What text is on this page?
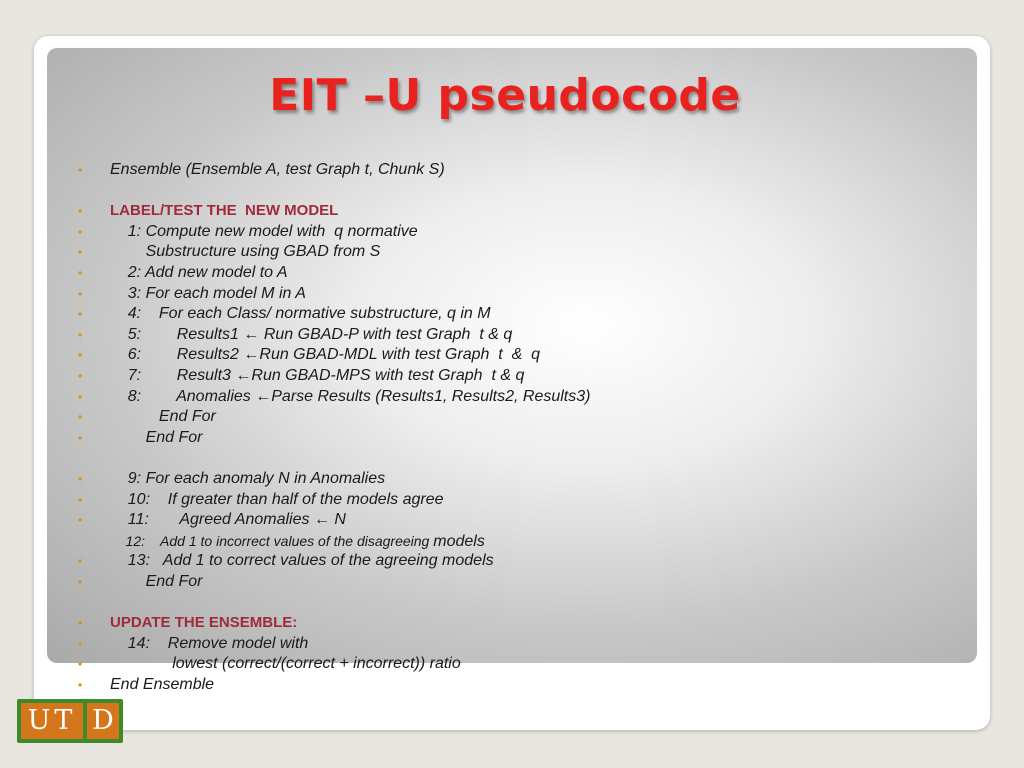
EIT –U pseudocode
•	Ensemble (Ensemble A, test Graph t, Chunk S)
•	LABEL/TEST THE  NEW MODEL
•	1: Compute new model with  q normative
•	Substructure using GBAD from S
•	2: Add new model to A
•	3: For each model M in A
•	4:    For each Class/ normative substructure, q in M
•	5:        Results1 ← Run GBAD-P with test Graph  t & q
•	6:        Results2 ←Run GBAD-MDL with test Graph  t  &  q
•	7:        Result3 ←Run GBAD-MPS with test Graph  t & q
•	8:        Anomalies ←Parse Results (Results1, Results2, Results3)
•	End For
•	End For
•	9: For each anomaly N in Anomalies
•	10:    If greater than half of the models agree
•	11:       Agreed Anomalies ← N
12:    Add 1 to incorrect values of the disagreeing models
•	13:   Add 1 to correct values of the agreeing models
•	End For
•	UPDATE THE ENSEMBLE:
•	14:    Remove model with
•	lowest (correct/(correct + incorrect)) ratio
•	End Ensemble
UT D
